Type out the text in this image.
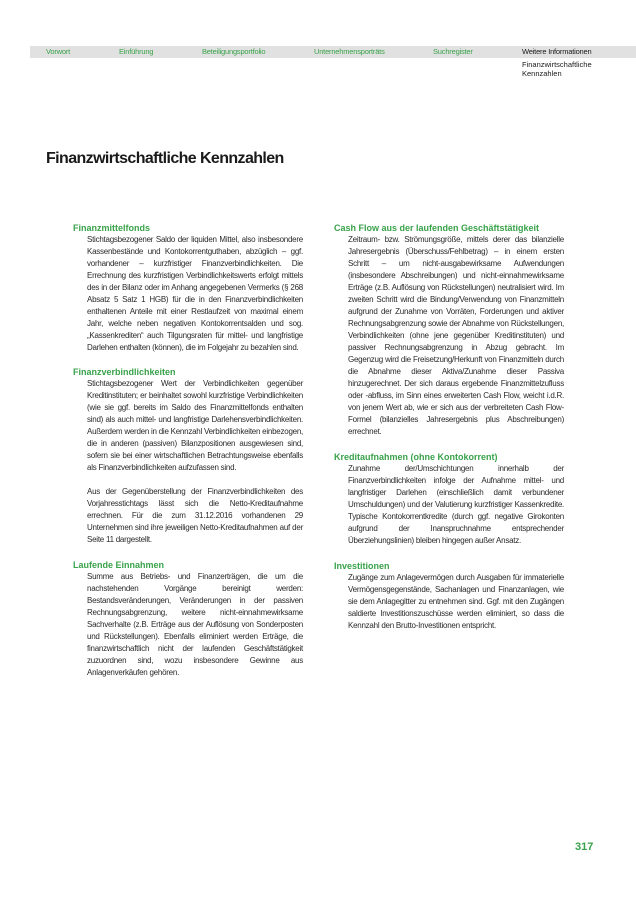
Vorwort	Einführung	Beteiligungsportfolio	Unternehmensporträts	Suchregister	Weitere Informationen
Finanzwirtschaftliche
Kennzahlen
Finanzwirtschaftliche Kennzahlen
Finanzmittelfonds

Stichtagsbezogener Saldo der liquiden Mittel, also insbesondere Kassenbestände und Kontokorrentguthaben, abzüglich – ggf. vorhandener – kurzfristiger Finanzverbindlichkeiten. Die Errechnung des kurzfristigen Verbindlichkeitswerts erfolgt mittels des in der Bilanz oder im Anhang angegebenen Vermerks (§ 268 Absatz 5 Satz 1 HGB) für die in den Finanzverbindlichkeiten enthaltenen Anteile mit einer Restlaufzeit von maximal einem Jahr, welche neben negativen Kontokorrentsalden und sog. „Kassenkrediten“ auch Tilgungsraten für mittel- und langfristige Darlehen enthalten (können), die im Folgejahr zu bezahlen sind.

Finanzverbindlichkeiten

Stichtagsbezogener Wert der Verbindlichkeiten gegenüber Kreditinstituten; er beinhaltet sowohl kurzfristige Verbindlichkeiten (wie sie ggf. bereits im Saldo des Finanzmittelfonds enthalten sind) als auch mittel- und langfristige Darlehensverbindlichkeiten. Außerdem werden in die Kennzahl Verbindlichkeiten einbezogen, die in anderen (passiven) Bilanzpositionen ausgewiesen sind, sofern sie bei einer wirtschaftlichen Betrachtungsweise ebenfalls als Finanzverbindlichkeiten aufzufassen sind.

Aus der Gegenüberstellung der Finanzverbindlichkeiten des Vorjahresstichtags lässt sich die Netto-Kreditaufnahme errechnen. Für die zum 31.12.2016 vorhandenen 29 Unternehmen sind ihre jeweiligen Netto-Kreditaufnahmen auf der Seite 11 dargestellt.

Laufende Einnahmen

Summe aus Betriebs- und Finanzerträgen, die um die nachstehenden Vorgänge bereinigt werden: Bestandsveränderungen, Veränderungen in der passiven Rechnungsabgrenzung, weitere nicht-einnahmewirksame Sachverhalte (z.B. Erträge aus der Auflösung von Sonderposten und Rückstellungen). Ebenfalls eliminiert werden Erträge, die finanzwirtschaftlich nicht der laufenden Geschäftstätigkeit zuzuordnen sind, wozu insbesondere Gewinne aus Anlagenverkäufen gehören.

Cash Flow aus der laufenden Geschäftstätigkeit

Zeitraum- bzw. Strömungsgröße, mittels derer das bilanzielle Jahresergebnis (Überschuss/Fehlbetrag) – in einem ersten Schritt – um nicht-ausgabewirksame Aufwendungen (insbesondere Abschreibungen) und nicht-einnahmewirksame Erträge (z.B. Auflösung von Rückstellungen) neutralisiert wird. Im zweiten Schritt wird die Bindung/Verwendung von Finanzmitteln aufgrund der Zunahme von Vorräten, Forderungen und aktiver Rechnungsabgrenzung sowie der Abnahme von Rückstellungen, Verbindlichkeiten (ohne jene gegenüber Kreditinstituten) und passiver Rechnungsabgrenzung in Abzug gebracht. Im Gegenzug wird die Freisetzung/Herkunft von Finanzmitteln durch die Abnahme dieser Aktiva/Zunahme dieser Passiva hinzugerechnet. Der sich daraus ergebende Finanzmittelzufluss oder -abfluss, im Sinn eines erweiterten Cash Flow, weicht i.d.R. von jenem Wert ab, wie er sich aus der verbreiteten Cash Flow-Formel (bilanzielles Jahresergebnis plus Abschreibungen) errechnet.

Kreditaufnahmen (ohne Kontokorrent)

Zunahme der/Umschichtungen innerhalb der Finanzverbindlichkeiten infolge der Aufnahme mittel- und langfristiger Darlehen (einschließlich damit verbundener Umschuldungen) und der Valutierung kurzfristiger Kassenkredite. Typische Kontokorrentkredite (durch ggf. negative Girokonten aufgrund der Inanspruchnahme entsprechender Überziehungslinien) bleiben hingegen außer Ansatz.

Investitionen

Zugänge zum Anlagevermögen durch Ausgaben für immaterielle Vermögensgegenstände, Sachanlagen und Finanzanlagen, wie sie dem Anlagegitter zu entnehmen sind. Ggf. mit den Zugängen saldierte Investitionszuschüsse werden eliminiert, so dass die Kennzahl den Brutto-Investitionen entspricht.

317
